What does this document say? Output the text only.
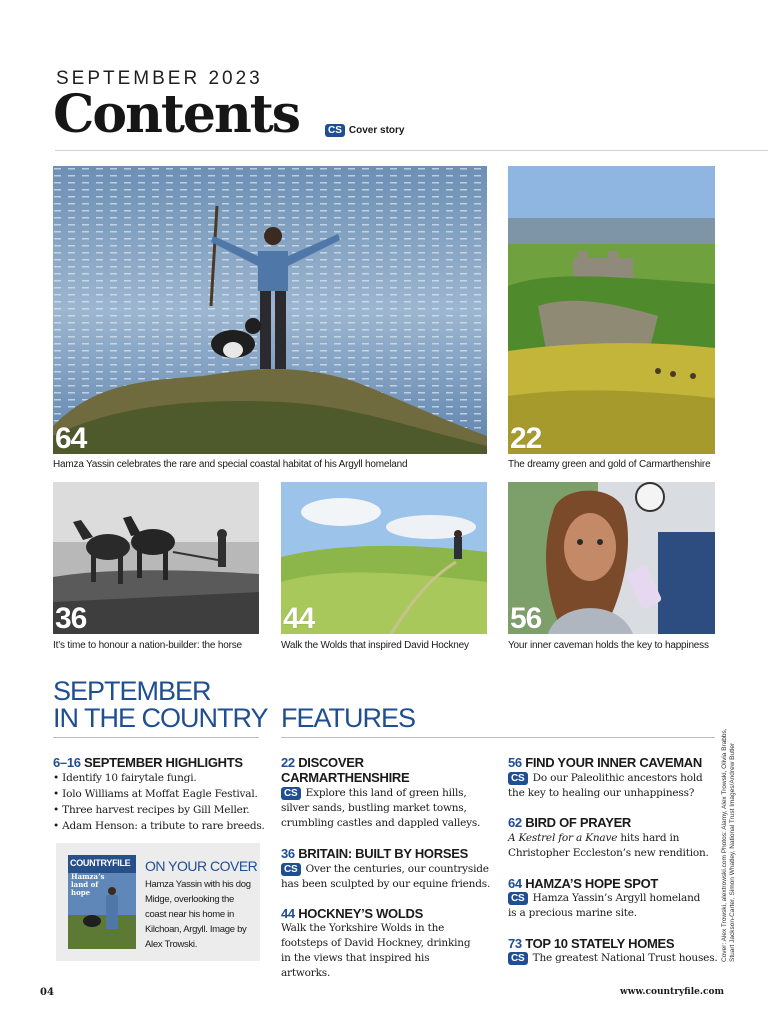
SEPTEMBER 2023
Contents	CS Cover story
64
Hamza Yassin celebrates the rare and special coastal habitat of his Argyll homeland
22
The dreamy green and gold of Carmarthenshire
36
It’s time to honour a nation-builder: the horse
44
Walk the Wolds that inspired David Hockney
56
Your inner caveman holds the key to happiness
SEPTEMBER
IN THE COUNTRY
6–16 SEPTEMBER HIGHLIGHTS
• Identify 10 fairytale fungi.
• Iolo Williams at Moffat Eagle Festival.
• Three harvest recipes by Gill Meller.
• Adam Henson: a tribute to rare breeds.
COUNTRYFILE
Hamza’s land of hope
ON YOUR COVER
Hamza Yassin with his dog Midge, overlooking the coast near his home in Kilchoan, Argyll. Image by Alex Trowski.
FEATURES
22 DISCOVER
CARMARTHENSHIRE
CS Explore this land of green hills, silver sands, bustling market towns, crumbling castles and dappled valleys.
36 BRITAIN: BUILT BY HORSES
CS Over the centuries, our countryside has been sculpted by our equine friends.
44 HOCKNEY’S WOLDS
Walk the Yorkshire Wolds in the footsteps of David Hockney, drinking in the views that inspired his artworks.
56 FIND YOUR INNER CAVEMAN
CS Do our Paleolithic ancestors hold the key to healing our unhappiness?
62 BIRD OF PRAYER
A Kestrel for a Knave hits hard in Christopher Eccleston’s new rendition.
64 HAMZA’S HOPE SPOT
CS Hamza Yassin’s Argyll homeland is a precious marine site.
73 TOP 10 STATELY HOMES
CS The greatest National Trust houses. Cover: Alex Trowski, alextrowski.com Photos: Alamy, Alex Trowski, Olivia Brabbs, Stuart Jackson-Carter, Simon Whatley, National Trust Images/Andrew Butler
04	www.countryfile.com
